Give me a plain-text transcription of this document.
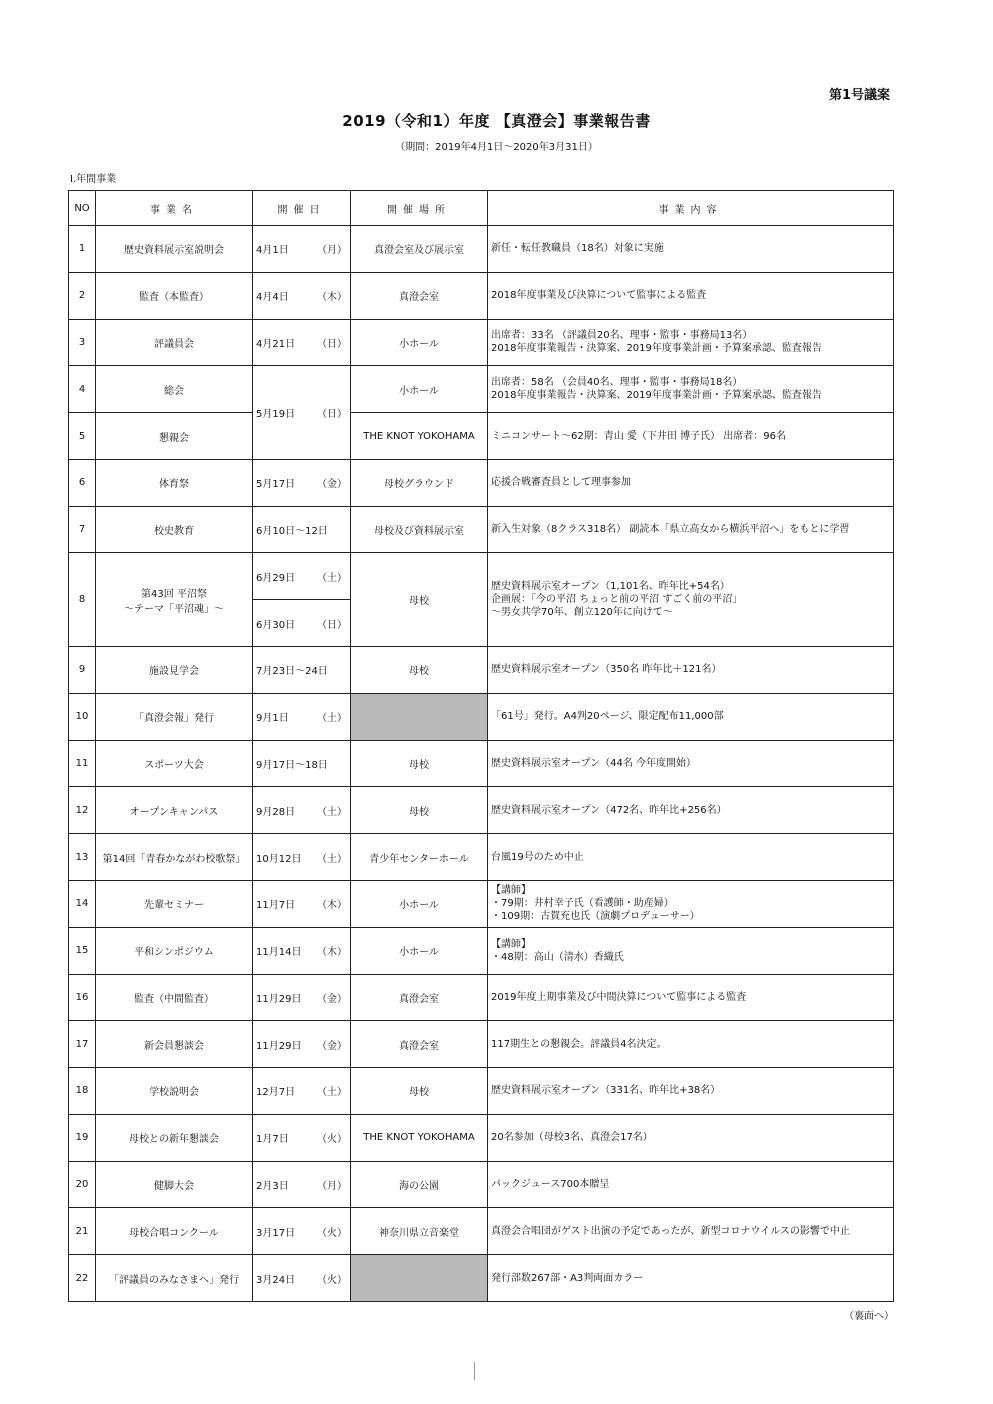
第1号議案
2019（令和1）年度 【真澄会】事業報告書
（期間：2019年4月1日～2020年3月31日）
Ⅰ.年間事業
NO	事業名	開催日	開催場所	事業内容
1	歴史資料展示室説明会	4月1日 （月）	真澄会室及び展示室	新任・転任教職員（18名）対象に実施

2	監査（本監査）	4月4日 （木）	真澄会室	2018年度事業及び決算について監事による監査

3	評議員会	4月21日 （日）	小ホール	出席者：33名 （評議員20名、理事・監事・事務局13名）
2018年度事業報告・決算案、2019年度事業計画・予算案承認、監査報告

4	総会	5月19日 （日）	小ホール	出席者：58名 （会員40名、理事・監事・事務局18名）
2018年度事業報告・決算案、2019年度事業計画・予算案承認、監査報告

5	懇親会		THE KNOT YOKOHAMA	ミニコンサート～62期：青山 愛（下井田 博子氏） 出席者：96名

6	体育祭	5月17日 （金）	母校グラウンド	応援合戦審査員として理事参加

7	校史教育	6月10日～12日	母校及び資料展示室	新入生対象（8クラス318名） 副読本「県立高女から横浜平沼へ」をもとに学習

8	第43回 平沼祭
～テーマ「平沼魂」～	6月29日 （土）	母校	歴史資料展示室オープン（1,101名、昨年比+54名）
企画展：「今の平沼 ちょっと前の平沼 すごく前の平沼」
～男女共学70年、創立120年に向けて～

		6月30日 （日）		

9	施設見学会	7月23日～24日	母校	歴史資料展示室オープン（350名 昨年比＋121名）

10	「真澄会報」発行	9月1日 （土）		「61号」発行。A4判20ページ、限定配布11,000部

11	スポーツ大会	9月17日～18日	母校	歴史資料展示室オープン（44名 今年度開始）

12	オープンキャンパス	9月28日 （土）	母校	歴史資料展示室オープン（472名、昨年比+256名）

13	第14回「青春かながわ校歌祭」	10月12日 （土）	青少年センターホール	台風19号のため中止

14	先輩セミナー	11月7日 （木）	小ホール	【講師】
・79期：井村幸子氏（看護師・助産婦）
・109期：古賀充也氏（演劇プロデューサー）

15	平和シンポジウム	11月14日 （木）	小ホール	【講師】
・48期：高山（清水）香織氏

16	監査（中間監査）	11月29日 （金）	真澄会室	2019年度上期事業及び中間決算について監事による監査

17	新会員懇談会	11月29日 （金）	真澄会室	117期生との懇親会。評議員4名決定。

18	学校説明会	12月7日 （土）	母校	歴史資料展示室オープン（331名、昨年比+38名）

19	母校との新年懇談会	1月7日 （火）	THE KNOT YOKOHAMA	20名参加（母校3名、真澄会17名）

20	健脚大会	2月3日 （月）	海の公園	パックジュース700本贈呈

21	母校合唱コンクール	3月17日 （火）	神奈川県立音楽堂	真澄会合唱団がゲスト出演の予定であったが、新型コロナウイルスの影響で中止

22	「評議員のみなさまへ」発行	3月24日 （火）		発行部数267部・A3判両面カラー
（裏面へ）
